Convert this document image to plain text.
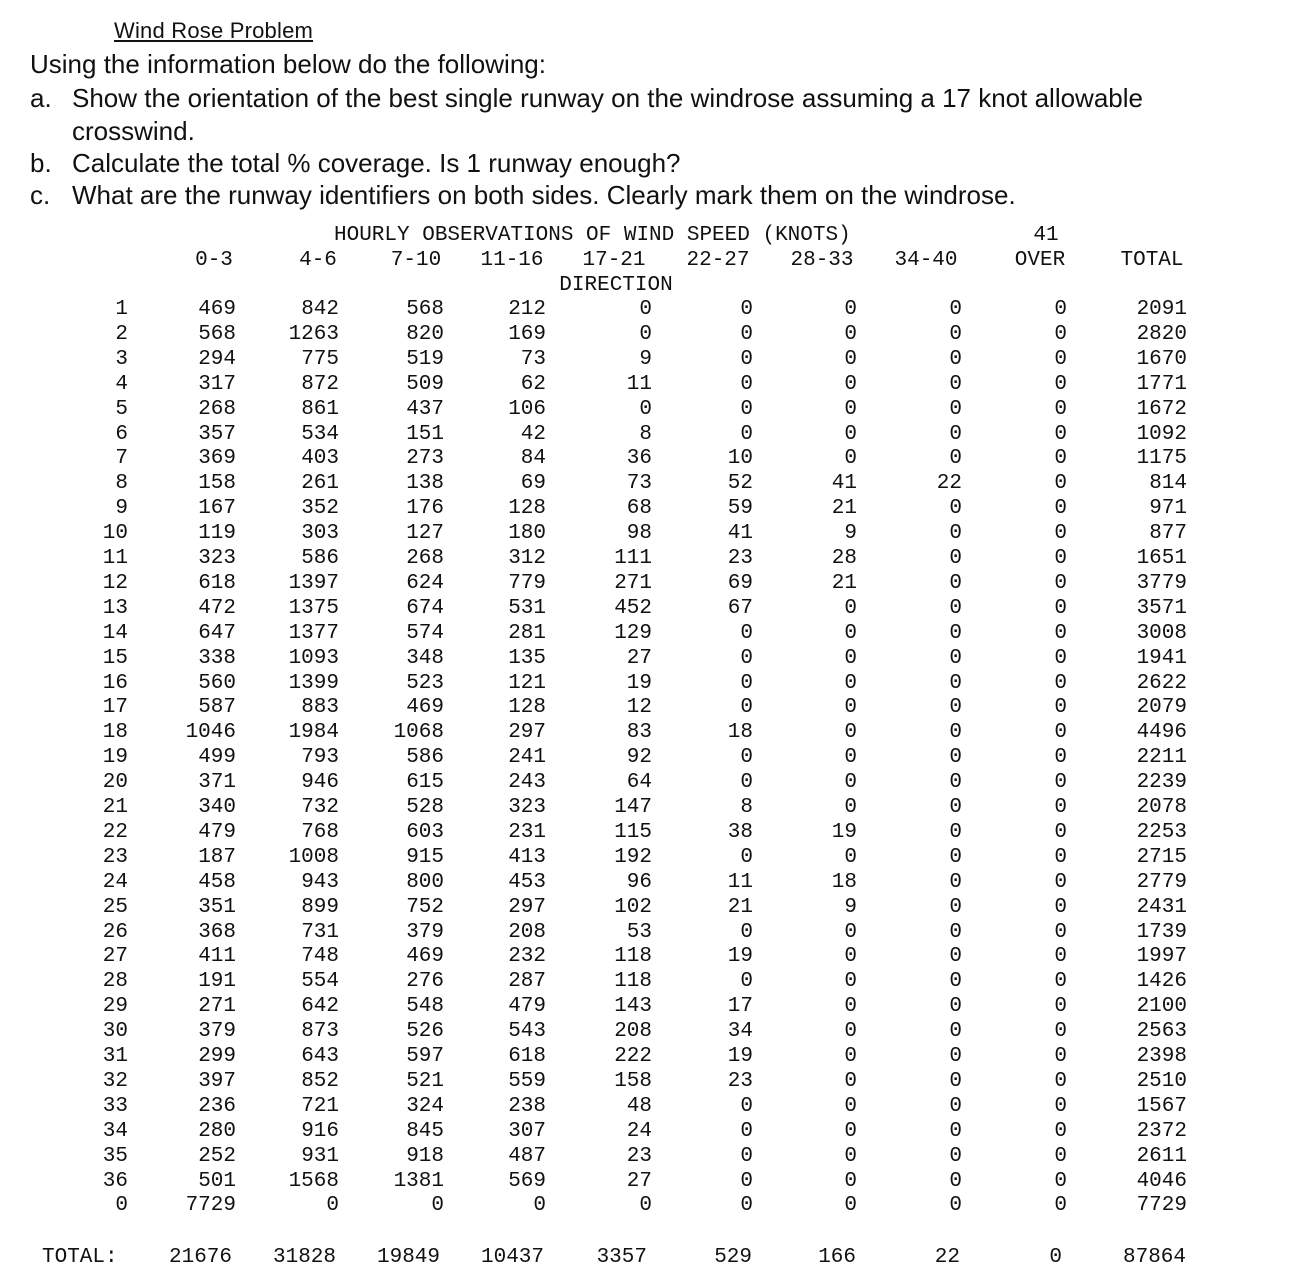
Wind Rose Problem
Using the information below do the following:
a. Show the orientation of the best single runway on the windrose assuming a 17 knot allowable
crosswind.
b. Calculate the total % coverage. Is 1 runway enough?
c. What are the runway identifiers on both sides. Clearly mark them on the windrose.
HOURLY OBSERVATIONS OF WIND SPEED (KNOTS)	41
DIRECTION
0-3	4-6	7-10 11-16 17-21 22-27 28-33 34-40	OVER	TOTAL
1	469	842	568	212	0	0	0	0	0	2091
2	568	1263	820	169	0	0	0	0	0	2820
3	294	775	519	73	9	0	0	0	0	1670
4	317	872	509	62	11	0	0	0	0	1771
5	268	861	437	106	0	0	0	0	0	1672
6	357	534	151	42	8	0	0	0	0	1092
7	369	403	273	84	36	10	0	0	0	1175
8	158	261	138	69	73	52	41	22	0	814
9	167	352	176	128	68	59	21	0	0	971
10	119	303	127	180	98	41	9	0	0	877
11	323	586	268	312	111	23	28	0	0	1651
12	618	1397	624	779	271	69	21	0	0	3779
13	472	1375	674	531	452	67	0	0	0	3571
14	647	1377	574	281	129	0	0	0	0	3008
15	338	1093	348	135	27	0	0	0	0	1941
16	560	1399	523	121	19	0	0	0	0	2622
17	587	883	469	128	12	0	0	0	0	2079
18	1046	1984	1068	297	83	18	0	0	0	4496
19	499	793	586	241	92	0	0	0	0	2211
20	371	946	615	243	64	0	0	0	0	2239
21	340	732	528	323	147	8	0	0	0	2078
22	479	768	603	231	115	38	19	0	0	2253
23	187	1008	915	413	192	0	0	0	0	2715
24	458	943	800	453	96	11	18	0	0	2779
25	351	899	752	297	102	21	9	0	0	2431
26	368	731	379	208	53	0	0	0	0	1739
27	411	748	469	232	118	19	0	0	0	1997
28	191	554	276	287	118	0	0	0	0	1426
29	271	642	548	479	143	17	0	0	0	2100
30	379	873	526	543	208	34	0	0	0	2563
31	299	643	597	618	222	19	0	0	0	2398
32	397	852	521	559	158	23	0	0	0	2510
33	236	721	324	238	48	0	0	0	0	1567
34	280	916	845	307	24	0	0	0	0	2372
35	252	931	918	487	23	0	0	0	0	2611
36	501	1568	1381	569	27	0	0	0	0	4046
0	7729	0	0	0	0	0	0	0	0	7729
TOTAL: 21676 31828 19849 10437	3357	529	166	22	0	87864
